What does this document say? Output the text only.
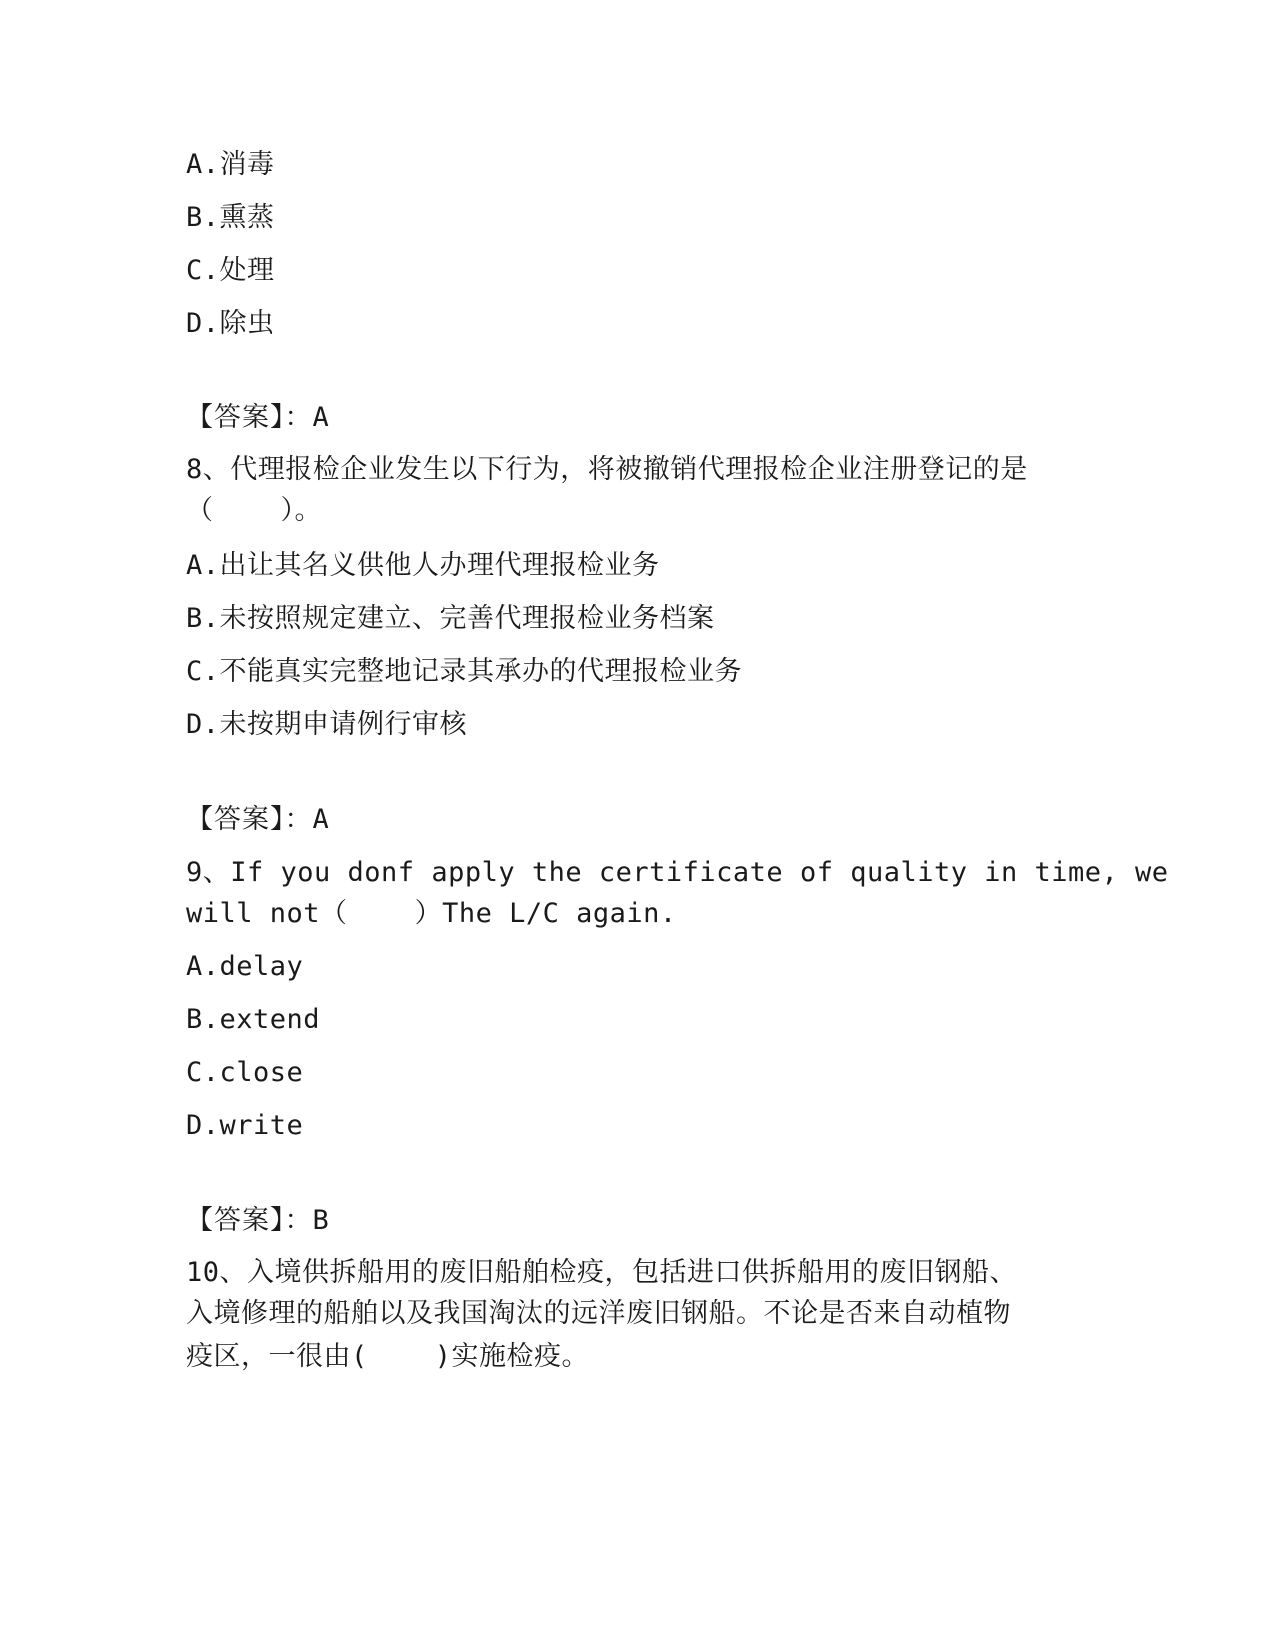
A.消毒
B.熏蒸
C.处理
D.除虫
【答案】：A
8、代理报检企业发生以下行为，将被撤销代理报检企业注册登记的是
（    ）。
A.出让其名义供他人办理代理报检业务
B.未按照规定建立、完善代理报检业务档案
C.不能真实完整地记录其承办的代理报检业务
D.未按期申请例行审核
【答案】：A
9、If you donf apply the certificate of quality in time, we
will not（    ）The L/C again.
A.delay
B.extend
C.close
D.write
【答案】：B
10、入境供拆船用的废旧船舶检疫，包括进口供拆船用的废旧钢船、
入境修理的船舶以及我国淘汰的远洋废旧钢船。不论是否来自动植物
疫区，一很由(    )实施检疫。
